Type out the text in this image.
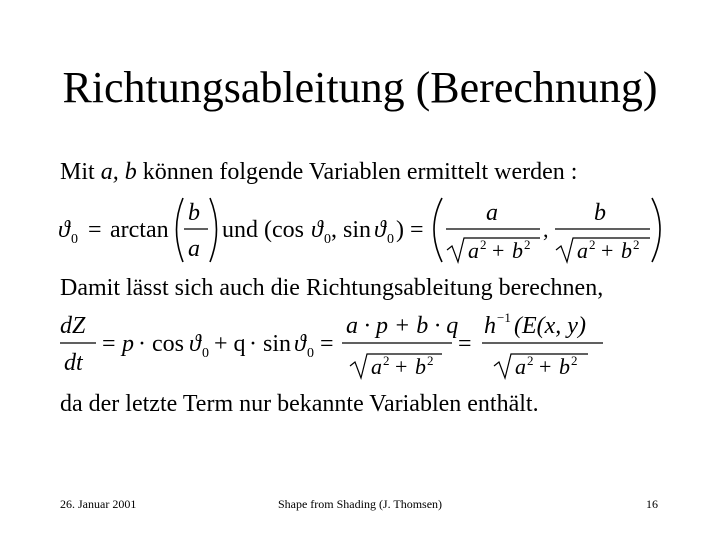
Richtungsableitung (Berechnung)
Mit a, b können folgende Variablen ermittelt werden :
Damit lässt sich auch die Richtungsableitung berechnen,
da der letzte Term nur bekannte Variablen enthält.
ϑ 0 = arctan
b
a
und (cos ϑ 0 , sin ϑ 0 ) =
a
a 2 + b 2
,
b
a 2 + b 2
dZ
dt
= p · cos ϑ 0 + q · sin ϑ 0 =
a · p + b · q
a 2 + b 2
=
h −1 (E(x, y)
a 2 + b 2
26. Januar 2001	Shape from Shading (J. Thomsen)	16
